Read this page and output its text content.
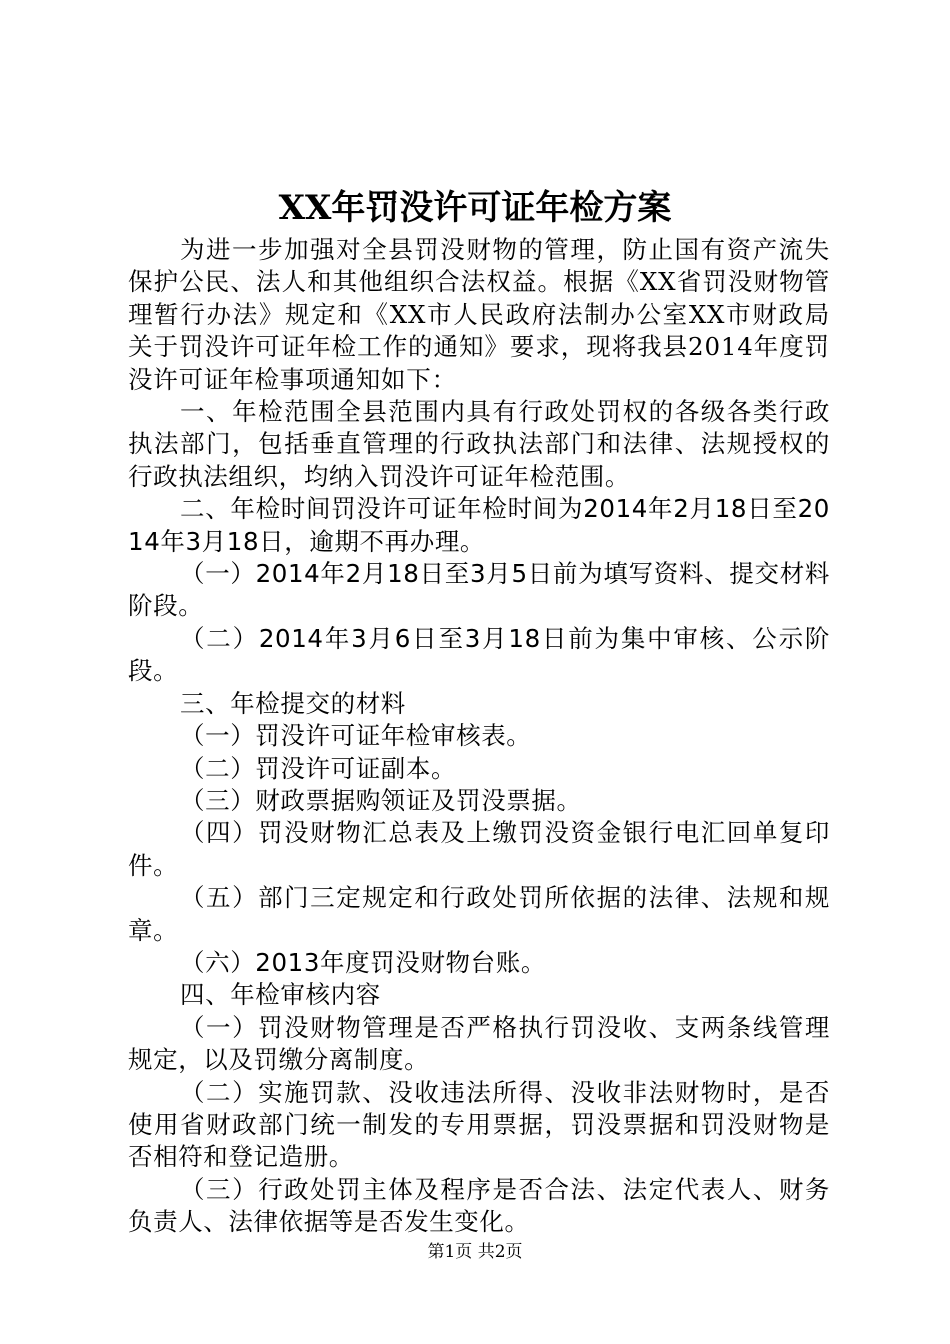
XX年罚没许可证年检方案

为进一步加强对全县罚没财物的管理，防止国有资产流失保护公民、法人和其他组织合法权益。根据《XX省罚没财物管理暂行办法》规定和《XX市人民政府法制办公室XX市财政局关于罚没许可证年检工作的通知》要求，现将我县2014年度罚没许可证年检事项通知如下：

一、年检范围全县范围内具有行政处罚权的各级各类行政执法部门，包括垂直管理的行政执法部门和法律、法规授权的行政执法组织，均纳入罚没许可证年检范围。

二、年检时间罚没许可证年检时间为2014年2月18日至2014年3月18日，逾期不再办理。

（一）2014年2月18日至3月5日前为填写资料、提交材料阶段。

（二）2014年3月6日至3月18日前为集中审核、公示阶段。

三、年检提交的材料

（一）罚没许可证年检审核表。

（二）罚没许可证副本。

（三）财政票据购领证及罚没票据。

（四）罚没财物汇总表及上缴罚没资金银行电汇回单复印件。

（五）部门三定规定和行政处罚所依据的法律、法规和规章。

（六）2013年度罚没财物台账。

四、年检审核内容

（一）罚没财物管理是否严格执行罚没收、支两条线管理规定，以及罚缴分离制度。

（二）实施罚款、没收违法所得、没收非法财物时，是否使用省财政部门统一制发的专用票据，罚没票据和罚没财物是否相符和登记造册。

（三）行政处罚主体及程序是否合法、法定代表人、财务负责人、法律依据等是否发生变化。

第1页 共2页
